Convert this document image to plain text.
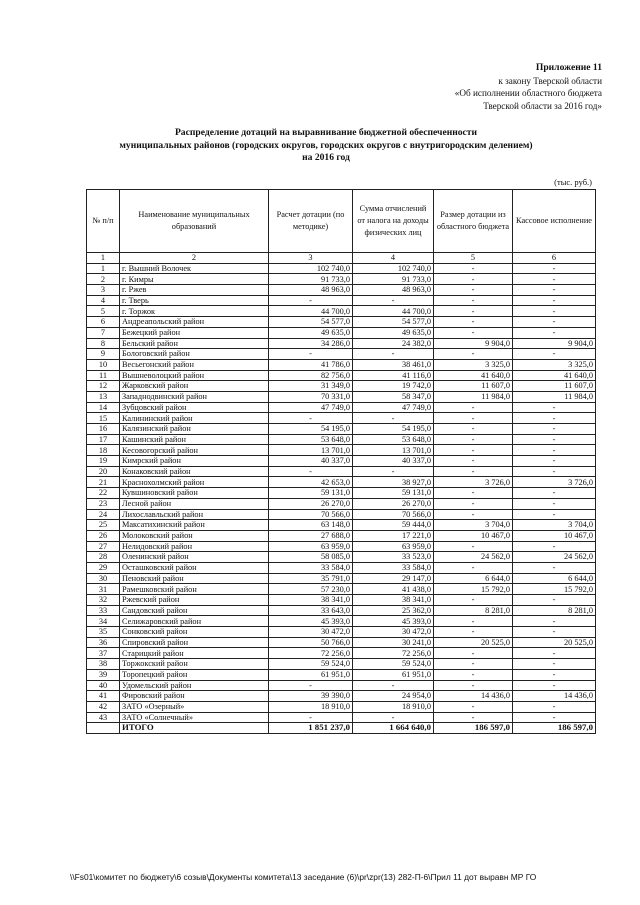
Приложение 11
к закону Тверской области
«Об исполнении областного бюджета
Тверской области за 2016 год»
Распределение дотаций на выравнивание бюджетной обеспеченности
муниципальных районов (городских округов, городских округов с внутригородским делением)
на 2016 год
(тыс. руб.)
№ п/п	Наименование муниципальных образований	Расчет дотации (по методике)	Сумма отчислений от налога на доходы физических лиц	Размер дотации из областного бюджета	Кассовое исполнение
1	2	3	4	5	6
1	г. Вышний Волочек	102 740,0	102 740,0	-	-
2	г. Кимры	91 733,0	91 733,0	-	-
3	г. Ржев	48 963,0	48 963,0	-	-
4	г. Тверь	-	-	-	-
5	г. Торжок	44 700,0	44 700,0	-	-
6	Андреапольский район	54 577,0	54 577,0	-	-
7	Бежецкий район	49 635,0	49 635,0	-	-
8	Бельский район	34 286,0	24 382,0	9 904,0	9 904,0
9	Бологовский район	-	-	-	-
10	Весьегонский район	41 786,0	38 461,0	3 325,0	3 325,0
11	Вышневолоцкий район	82 756,0	41 116,0	41 640,0	41 640,0
12	Жарковский район	31 349,0	19 742,0	11 607,0	11 607,0
13	Западнодвинский район	70 331,0	58 347,0	11 984,0	11 984,0
14	Зубцовский район	47 749,0	47 749,0	-	-
15	Калининский район	-	-	-	-
16	Калязинский район	54 195,0	54 195,0	-	-
17	Кашинский район	53 648,0	53 648,0	-	-
18	Кесовогорский район	13 701,0	13 701,0	-	-
19	Кимрский район	40 337,0	40 337,0	-	-
20	Конаковский район	-	-	-	-
21	Краснохолмский район	42 653,0	38 927,0	3 726,0	3 726,0
22	Кувшиновский район	59 131,0	59 131,0	-	-
23	Лесной район	26 270,0	26 270,0	-	-
24	Лихославльский район	70 566,0	70 566,0	-	-
25	Максатихинский район	63 148,0	59 444,0	3 704,0	3 704,0
26	Молоковский район	27 688,0	17 221,0	10 467,0	10 467,0
27	Нелидовский район	63 959,0	63 959,0	-	-
28	Оленинский район	58 085,0	33 523,0	24 562,0	24 562,0
29	Осташковский район	33 584,0	33 584,0	-	-
30	Пеновский район	35 791,0	29 147,0	6 644,0	6 644,0
31	Рамешковский район	57 230,0	41 438,0	15 792,0	15 792,0
32	Ржевский район	38 341,0	38 341,0	-	-
33	Сандовский район	33 643,0	25 362,0	8 281,0	8 281,0
34	Селижаровский район	45 393,0	45 393,0	-	-
35	Сонковский район	30 472,0	30 472,0	-	-
36	Спировский район	50 766,0	30 241,0	20 525,0	20 525,0
37	Старицкий район	72 256,0	72 256,0	-	-
38	Торжокский район	59 524,0	59 524,0	-	-
39	Торопецкий район	61 951,0	61 951,0	-	-
40	Удомельский район	-	-	-	-
41	Фировский район	39 390,0	24 954,0	14 436,0	14 436,0
42	ЗАТО «Озерный»	18 910,0	18 910,0	-	-
43	ЗАТО «Солнечный»	-	-	-	-
	ИТОГО	1 851 237,0	1 664 640,0	186 597,0	186 597,0
\\Fs01\комитет по бюджету\6 созыв\Документы комитета\13 заседание (6)\pr\zpr(13) 282-П-6\Прил 11 дот выравн МР ГО
